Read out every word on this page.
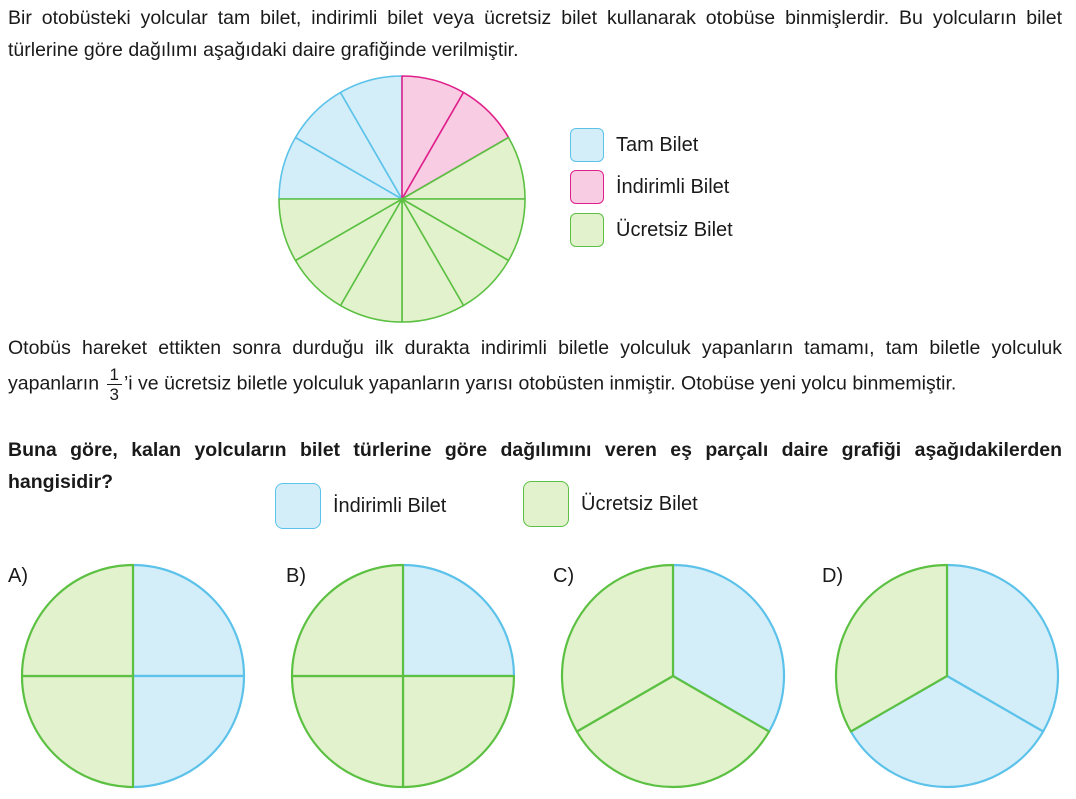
Bir otobüsteki yolcular tam bilet, indirimli bilet veya ücretsiz bilet kullanarak otobüse binmişlerdir. Bu yolcuların bilet türlerine göre dağılımı aşağıdaki daire grafiğinde verilmiştir.

Tam Bilet
İndirimli Bilet
Ücretsiz Bilet

Otobüs hareket ettikten sonra durduğu ilk durakta indirimli biletle yolculuk yapanların tamamı, tam biletle yolculuk yapanların $\frac{1}{3}$ ’i ve ücretsiz biletle yolculuk yapanların yarısı otobüsten inmiştir. Otobüse yeni yolcu binmemiştir.

Buna göre, kalan yolcuların bilet türlerine göre dağılımını veren eş parçalı daire grafiği aşağıdakilerden hangisidir?

İndirimli Bilet	Ücretsiz Bilet
A)	B)	C)	D)
